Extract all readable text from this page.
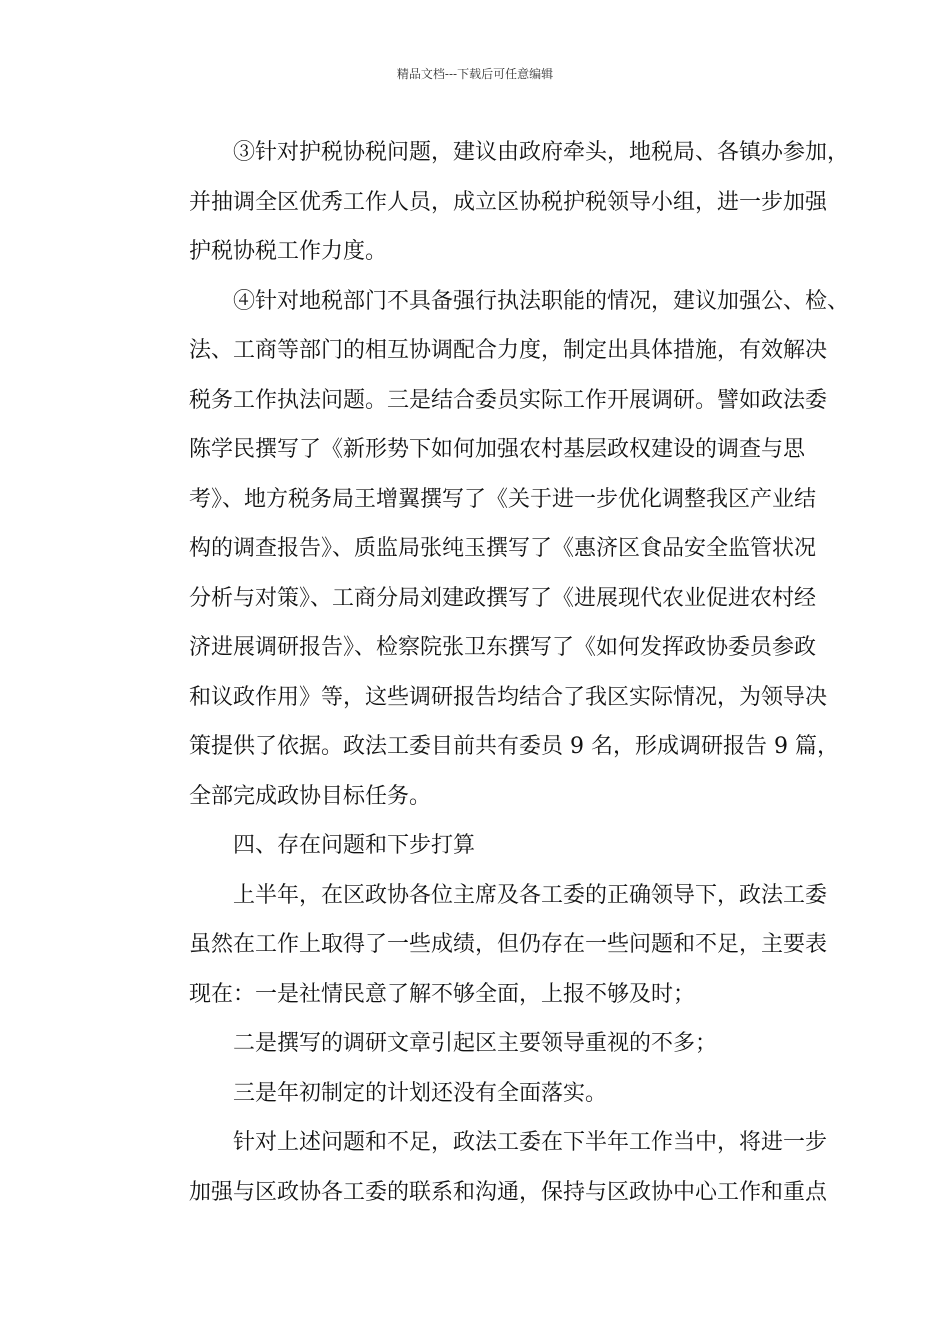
精品文档---下载后可任意编辑

③针对护税协税问题，建议由政府牵头，地税局、各镇办参加，
并抽调全区优秀工作人员，成立区协税护税领导小组，进一步加强
护税协税工作力度。

④针对地税部门不具备强行执法职能的情况，建议加强公、检、
法、工商等部门的相互协调配合力度，制定出具体措施，有效解决
税务工作执法问题。三是结合委员实际工作开展调研。譬如政法委
陈学民撰写了《新形势下如何加强农村基层政权建设的调查与思
考》、地方税务局王增翼撰写了《关于进一步优化调整我区产业结
构的调查报告》、质监局张纯玉撰写了《惠济区食品安全监管状况
分析与对策》、工商分局刘建政撰写了《进展现代农业促进农村经
济进展调研报告》、检察院张卫东撰写了《如何发挥政协委员参政
和议政作用》等，这些调研报告均结合了我区实际情况，为领导决
策提供了依据。政法工委目前共有委员 9 名，形成调研报告 9 篇，
全部完成政协目标任务。

四、存在问题和下步打算

上半年，在区政协各位主席及各工委的正确领导下，政法工委
虽然在工作上取得了一些成绩，但仍存在一些问题和不足，主要表
现在：一是社情民意了解不够全面，上报不够及时；

二是撰写的调研文章引起区主要领导重视的不多；

三是年初制定的计划还没有全面落实。

针对上述问题和不足，政法工委在下半年工作当中，将进一步
加强与区政协各工委的联系和沟通，保持与区政协中心工作和重点
